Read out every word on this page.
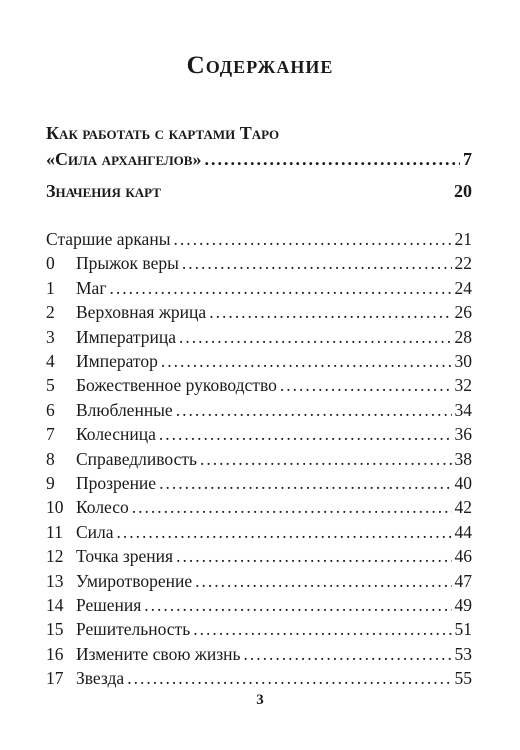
Содержание
Как работать с картами Таро
«Сила архангелов» .....	7
Значения карт	20
Старшие арканы .....	21
0	Прыжок веры .....	22
1	Маг .....	24
2	Верховная жрица .....	26
3	Императрица .....	28
4	Император .....	30
5	Божественное руководство .....	32
6	Влюбленные .....	34
7	Колесница .....	36
8	Справедливость .....	38
9	Прозрение .....	40
10 Колесо .....	42
11 Сила .....	44
12 Точка зрения .....	46
13 Умиротворение .....	47
14 Решения .....	49
15 Решительность .....	51
16 Измените свою жизнь .....	53
17 Звезда .....	55
3
